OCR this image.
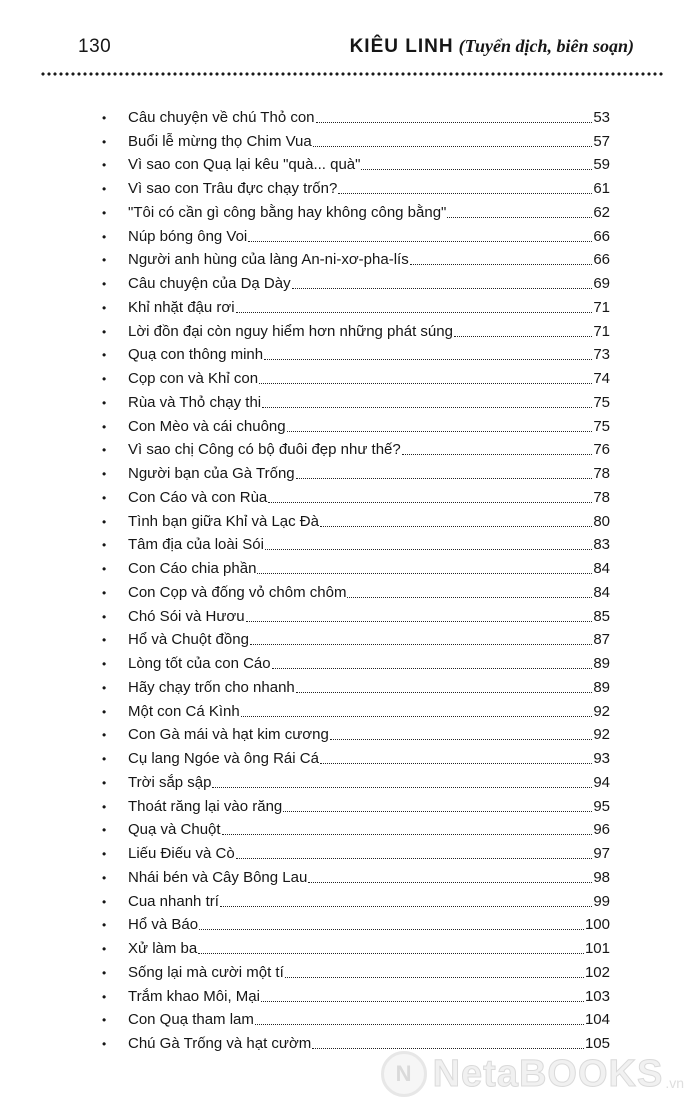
130	KIÊU LINH (Tuyển dịch, biên soạn)
•	Câu chuyện về chú Thỏ con	53
•	Buổi lễ mừng thọ Chim Vua	57
•	Vì sao con Quạ lại kêu "quà... quà"	59
•	Vì sao con Trâu đực chạy trốn?	61
•	"Tôi có cần gì công bằng hay không công bằng"	62
•	Núp bóng ông Voi	66
•	Người anh hùng của làng An-ni-xơ-pha-lís	66
•	Câu chuyện của Dạ Dày	69
•	Khỉ nhặt đậu rơi	71
•	Lời đồn đại còn nguy hiểm hơn những phát súng	71
•	Quạ con thông minh	73
•	Cọp con và Khỉ con	74
•	Rùa và Thỏ chạy thi	75
•	Con Mèo và cái chuông	75
•	Vì sao chị Công có bộ đuôi đẹp như thế?	76
•	Người bạn của Gà Trống	78
•	Con Cáo và con Rùa	78
•	Tình bạn giữa Khỉ và Lạc Đà	80
•	Tâm địa của loài Sói	83
•	Con Cáo chia phần	84
•	Con Cọp và đống vỏ chôm chôm	84
•	Chó Sói và Hươu	85
•	Hổ và Chuột đồng	87
•	Lòng tốt của con Cáo	89
•	Hãy chạy trốn cho nhanh	89
•	Một con Cá Kình	92
•	Con Gà mái và hạt kim cương	92
•	Cụ lang Ngóe và ông Rái Cá	93
•	Trời sắp sập	94
•	Thoát răng lại vào răng	95
•	Quạ và Chuột	96
•	Liếu Điếu và Cò	97
•	Nhái bén và Cây Bông Lau	98
•	Cua nhanh trí	99
•	Hổ và Báo	100
•	Xử làm ba	101
•	Sống lại mà cười một tí	102
•	Trắm khao Môi, Mại	103
•	Con Quạ tham lam	104
•	Chú Gà Trống và hạt cườm	105
N NetaBOOKS .vn
